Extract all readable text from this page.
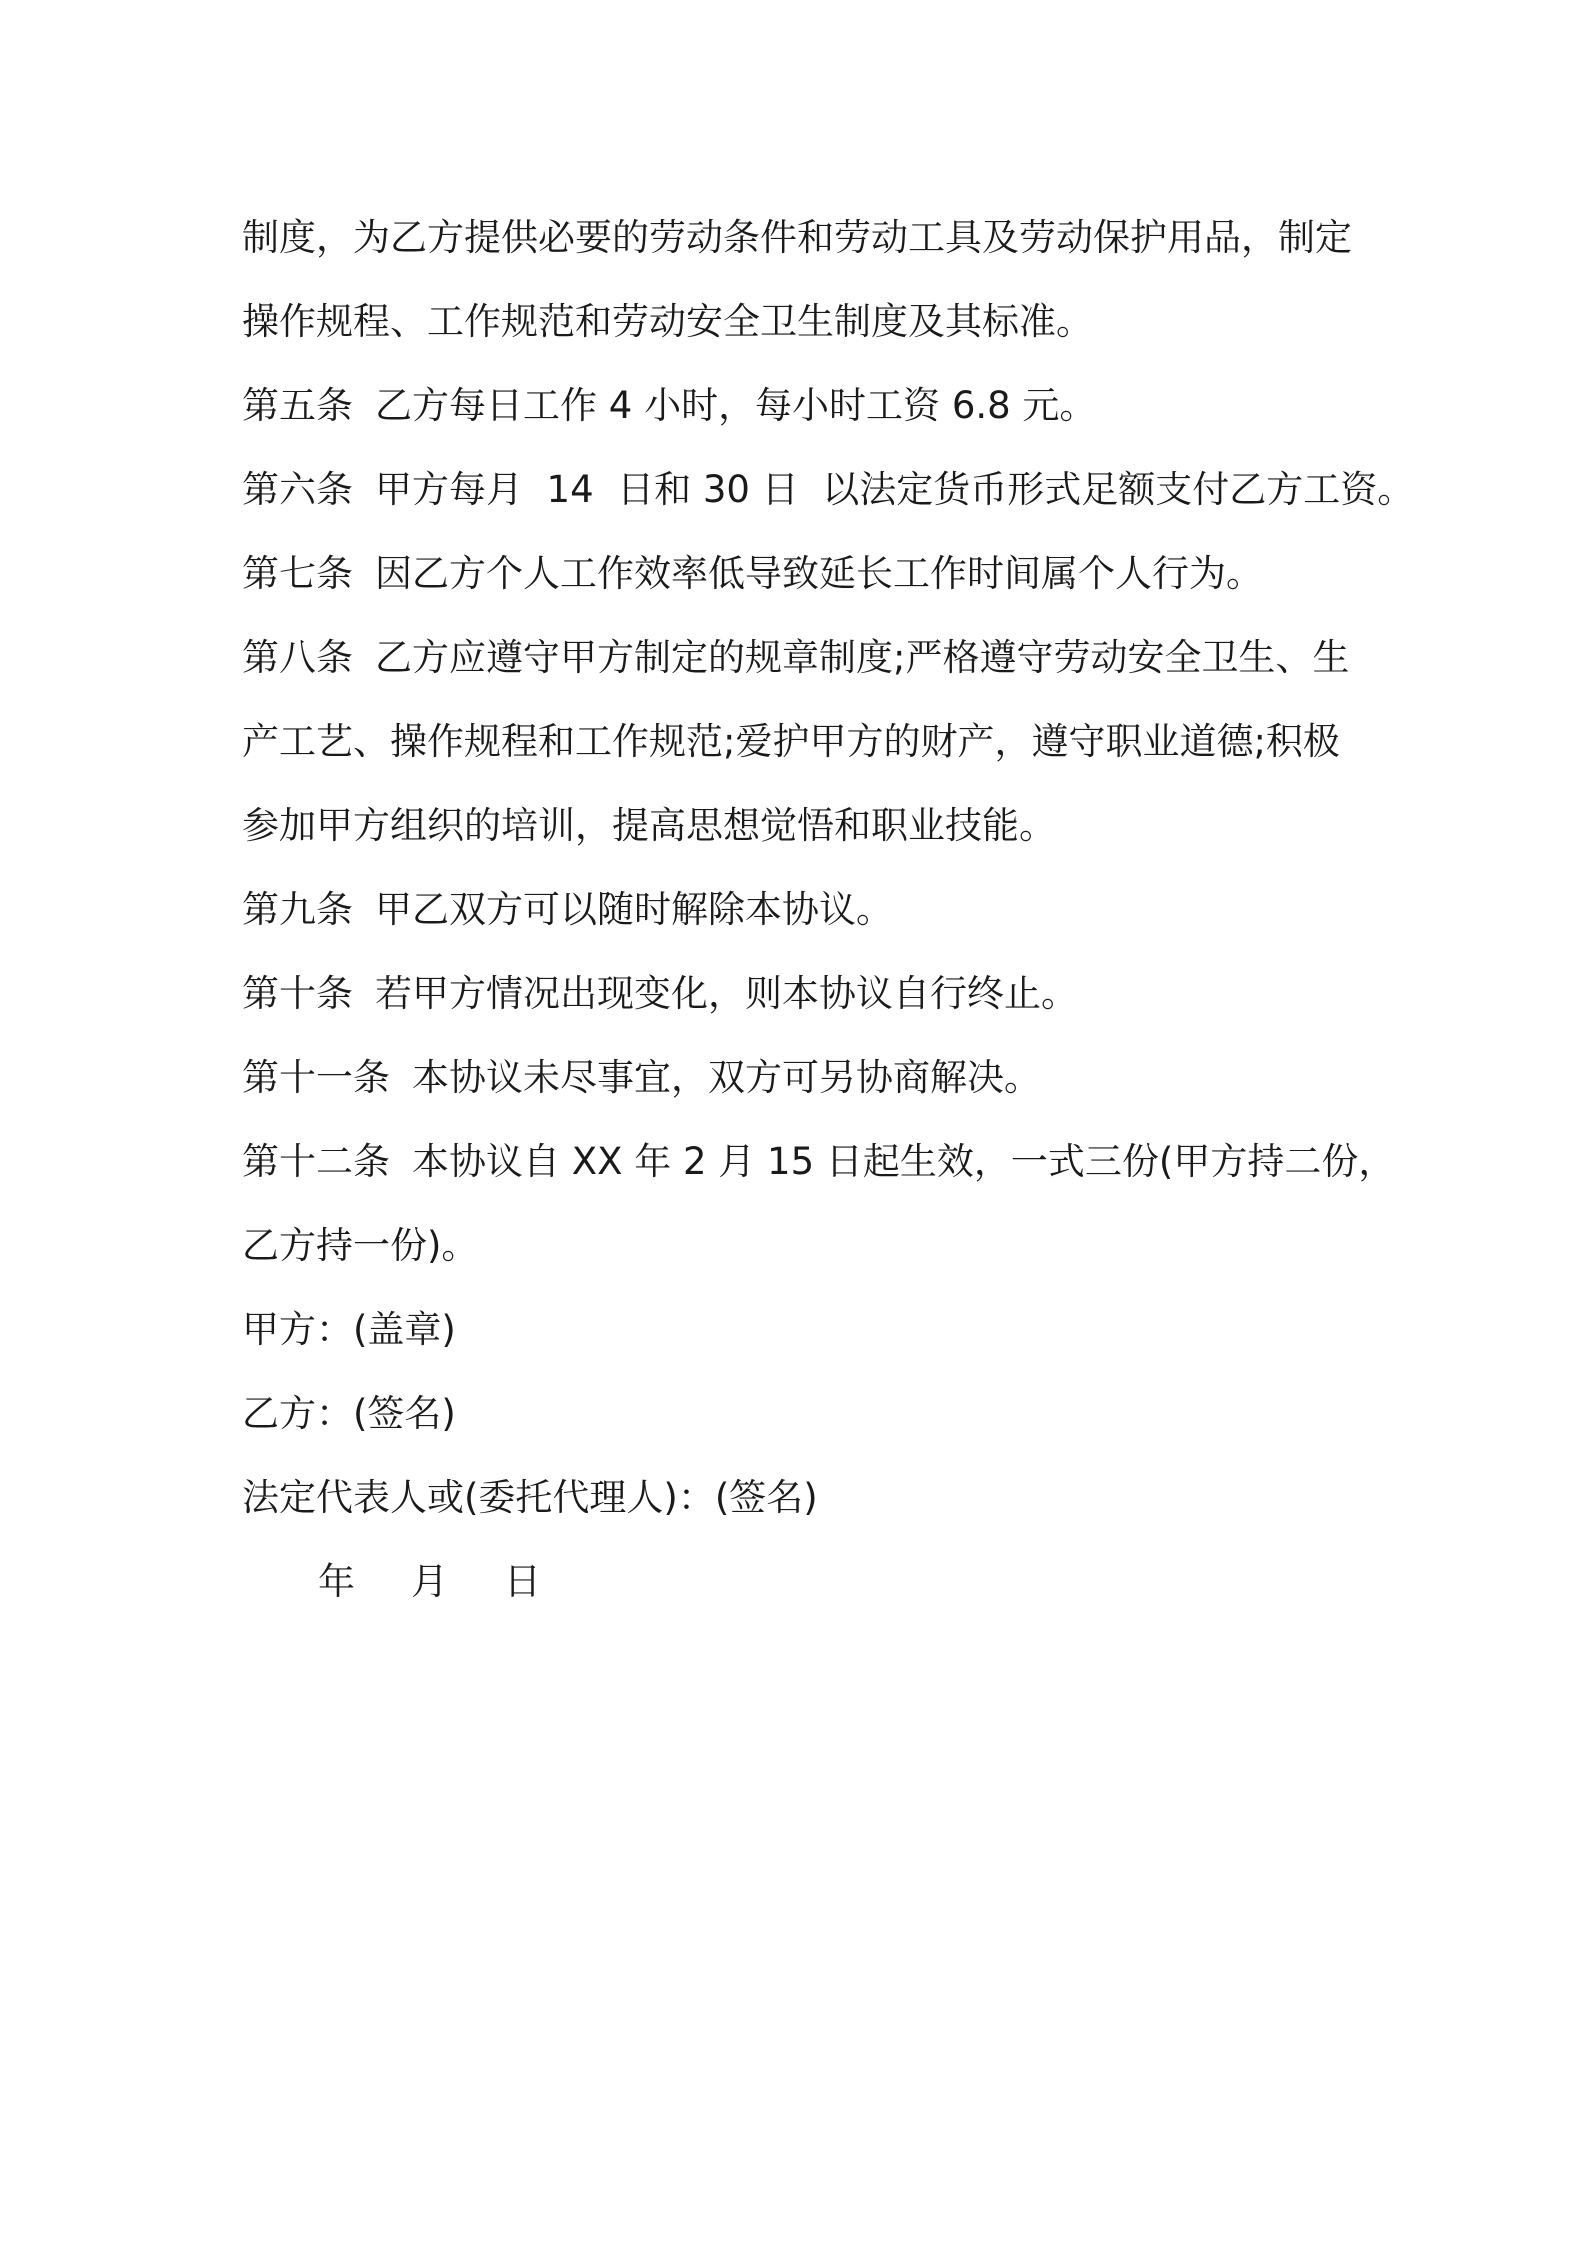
制度，为乙方提供必要的劳动条件和劳动工具及劳动保护用品，制定
操作规程、工作规范和劳动安全卫生制度及其标准。
第五条 乙方每日工作 4 小时，每小时工资 6.8 元。
第六条 甲方每月  14  日和 30 日  以法定货币形式足额支付乙方工资。
第七条 因乙方个人工作效率低导致延长工作时间属个人行为。
第八条 乙方应遵守甲方制定的规章制度;严格遵守劳动安全卫生、生
产工艺、操作规程和工作规范;爱护甲方的财产，遵守职业道德;积极
参加甲方组织的培训，提高思想觉悟和职业技能。
第九条 甲乙双方可以随时解除本协议。
第十条 若甲方情况出现变化，则本协议自行终止。
第十一条 本协议未尽事宜，双方可另协商解决。
第十二条 本协议自 XX 年 2 月 15 日起生效，一式三份(甲方持二份，
乙方持一份)。
甲方：(盖章)
乙方：(签名)
法定代表人或(委托代理人)：(签名)
年 月 日
